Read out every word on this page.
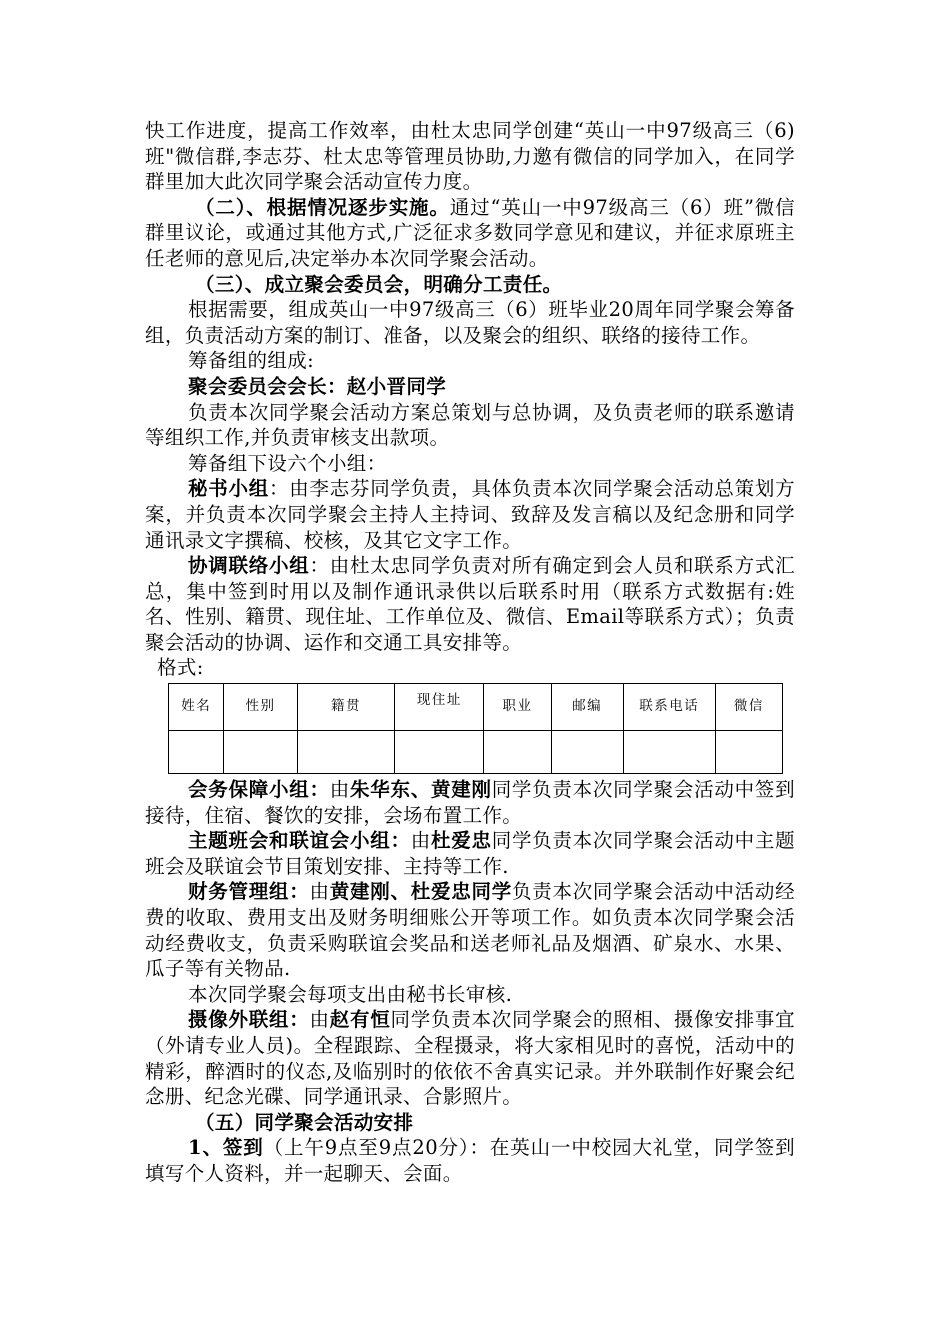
快工作进度，提高工作效率，由杜太忠同学创建“英山一中97级高三（6)班"微信群,李志芬、杜太忠等管理员协助,力邀有微信的同学加入，在同学群里加大此次同学聚会活动宣传力度。

（二）、根据情况逐步实施。通过“英山一中97级高三（6）班”微信群里议论，或通过其他方式,广泛征求多数同学意见和建议，并征求原班主任老师的意见后,决定举办本次同学聚会活动。

（三）、成立聚会委员会，明确分工责任。

根据需要，组成英山一中97级高三（6）班毕业20周年同学聚会筹备组，负责活动方案的制订、准备，以及聚会的组织、联络的接待工作。

筹备组的组成:

聚会委员会会长：赵小晋同学

负责本次同学聚会活动方案总策划与总协调，及负责老师的联系邀请等组织工作,并负责审核支出款项。

筹备组下设六个小组：

秘书小组：由李志芬同学负责，具体负责本次同学聚会活动总策划方案，并负责本次同学聚会主持人主持词、致辞及发言稿以及纪念册和同学通讯录文字撰稿、校核，及其它文字工作。

协调联络小组：由杜太忠同学负责对所有确定到会人员和联系方式汇总，集中签到时用以及制作通讯录供以后联系时用（联系方式数据有:姓名、性别、籍贯、现住址、工作单位及、微信、Email等联系方式）；负责聚会活动的协调、运作和交通工具安排等。

格式:

姓名	性别	籍贯	现住址	职业	邮编	联系电话	微信

会务保障小组：由朱华东、黄建刚同学负责本次同学聚会活动中签到接待，住宿、餐饮的安排，会场布置工作。

主题班会和联谊会小组：由杜爱忠同学负责本次同学聚会活动中主题班会及联谊会节目策划安排、主持等工作.

财务管理组：由黄建刚、杜爱忠同学负责本次同学聚会活动中活动经费的收取、费用支出及财务明细账公开等项工作。如负责本次同学聚会活动经费收支，负责采购联谊会奖品和送老师礼品及烟酒、矿泉水、水果、瓜子等有关物品.

本次同学聚会每项支出由秘书长审核.

摄像外联组：由赵有恒同学负责本次同学聚会的照相、摄像安排事宜（外请专业人员)。全程跟踪、全程摄录，将大家相见时的喜悦，活动中的精彩，醉酒时的仪态,及临别时的依依不舍真实记录。并外联制作好聚会纪念册、纪念光碟、同学通讯录、合影照片。

（五）同学聚会活动安排

1、签到（上午9点至9点20分）：在英山一中校园大礼堂，同学签到填写个人资料，并一起聊天、会面。
